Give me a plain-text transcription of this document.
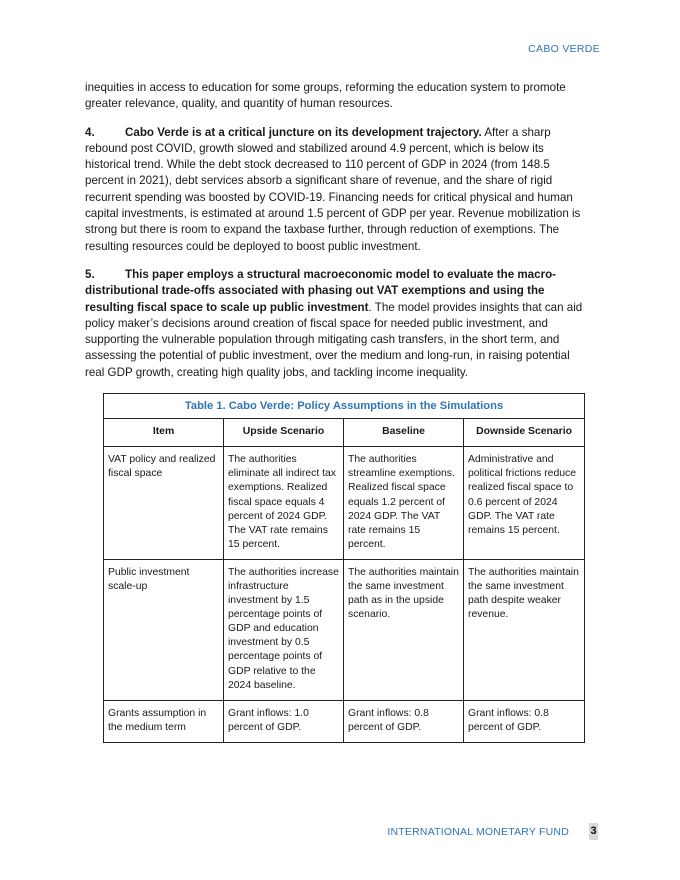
CABO VERDE

inequities in access to education for some groups, reforming the education system to promote greater relevance, quality, and quantity of human resources.

4.	Cabo Verde is at a critical juncture on its development trajectory. After a sharp rebound post COVID, growth slowed and stabilized around 4.9 percent, which is below its historical trend. While the debt stock decreased to 110 percent of GDP in 2024 (from 148.5 percent in 2021), debt services absorb a significant share of revenue, and the share of rigid recurrent spending was boosted by COVID-19. Financing needs for critical physical and human capital investments, is estimated at around 1.5 percent of GDP per year. Revenue mobilization is strong but there is room to expand the taxbase further, through reduction of exemptions. The resulting resources could be deployed to boost public investment.

5.	This paper employs a structural macroeconomic model to evaluate the macro-distributional trade-offs associated with phasing out VAT exemptions and using the resulting fiscal space to scale up public investment. The model provides insights that can aid policy maker’s decisions around creation of fiscal space for needed public investment, and supporting the vulnerable population through mitigating cash transfers, in the short term, and assessing the potential of public investment, over the medium and long-run, in raising potential real GDP growth, creating high quality jobs, and tackling income inequality.

Table 1. Cabo Verde: Policy Assumptions in the Simulations			
Item	Upside Scenario	Baseline	Downside Scenario
VAT policy and realized fiscal space	The authorities eliminate all indirect tax exemptions. Realized fiscal space equals 4 percent of 2024 GDP. The VAT rate remains 15 percent.	The authorities streamline exemptions. Realized fiscal space equals 1.2 percent of 2024 GDP. The VAT rate remains 15 percent.	Administrative and political frictions reduce realized fiscal space to 0.6 percent of 2024 GDP. The VAT rate remains 15 percent.
Public investment scale-up	The authorities increase infrastructure investment by 1.5 percentage points of GDP and education investment by 0.5 percentage points of GDP relative to the 2024 baseline.	The authorities maintain the same investment path as in the upside scenario.	The authorities maintain the same investment path despite weaker revenue.
Grants assumption in the medium term	Grant inflows: 1.0 percent of GDP.	Grant inflows: 0.8 percent of GDP.	Grant inflows: 0.8 percent of GDP.
INTERNATIONAL MONETARY FUND 3
